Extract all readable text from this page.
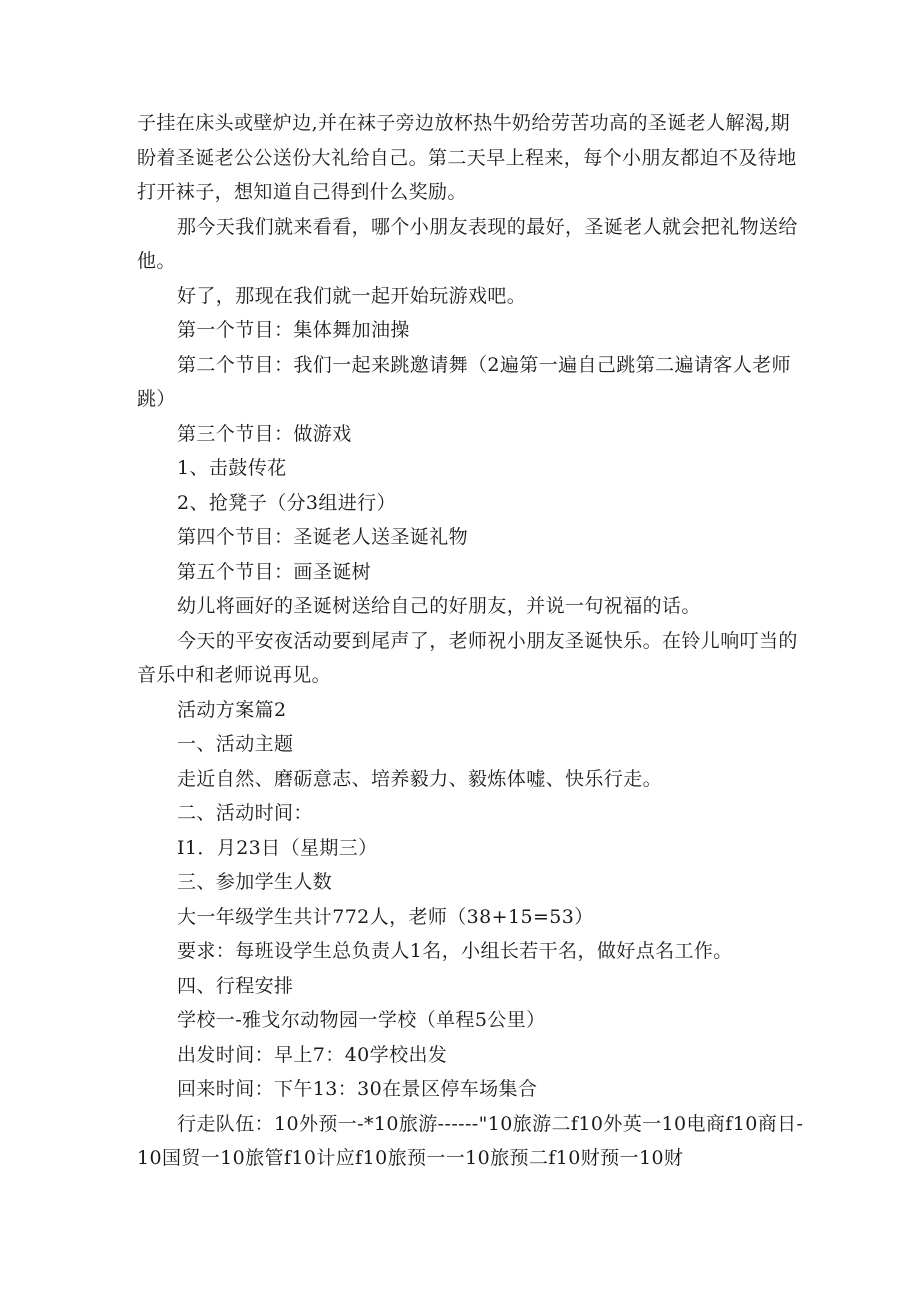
子挂在床头或壁炉边,并在袜子旁边放杯热牛奶给劳苦功高的圣诞老人解渴,期盼着圣诞老公公送份大礼给自己。第二天早上程来，每个小朋友都迫不及待地打开袜子，想知道自己得到什么奖励。

那今天我们就来看看，哪个小朋友表现的最好，圣诞老人就会把礼物送给他。

好了，那现在我们就一起开始玩游戏吧。

第一个节目：集体舞加油操

第二个节目：我们一起来跳邀请舞（2遍第一遍自己跳第二遍请客人老师跳）

第三个节目：做游戏

1、击鼓传花

2、抢凳子（分3组进行）

第四个节目：圣诞老人送圣诞礼物

第五个节目：画圣诞树

幼儿将画好的圣诞树送给自己的好朋友，并说一句祝福的话。

今天的平安夜活动要到尾声了，老师祝小朋友圣诞快乐。在铃儿响叮当的音乐中和老师说再见。

活动方案篇2

一、活动主题

走近自然、磨砺意志、培养毅力、毅炼体嘘、快乐行走。

二、活动时间：

I1．月23日（星期三）

三、参加学生人数

大一年级学生共计772人，老师（38+15=53）

要求：每班设学生总负责人1名，小组长若干名，做好点名工作。

四、行程安排

学校一-雅戈尔动物园一学校（单程5公里）

出发时间：早上7：40学校出发

回来时间：下午13：30在景区停车场集合

行走队伍：10外预一-*10旅游------"10旅游二f10外英一10电商f10商日-10国贸一10旅管f10计应f10旅预一一10旅预二f10财预一10财
